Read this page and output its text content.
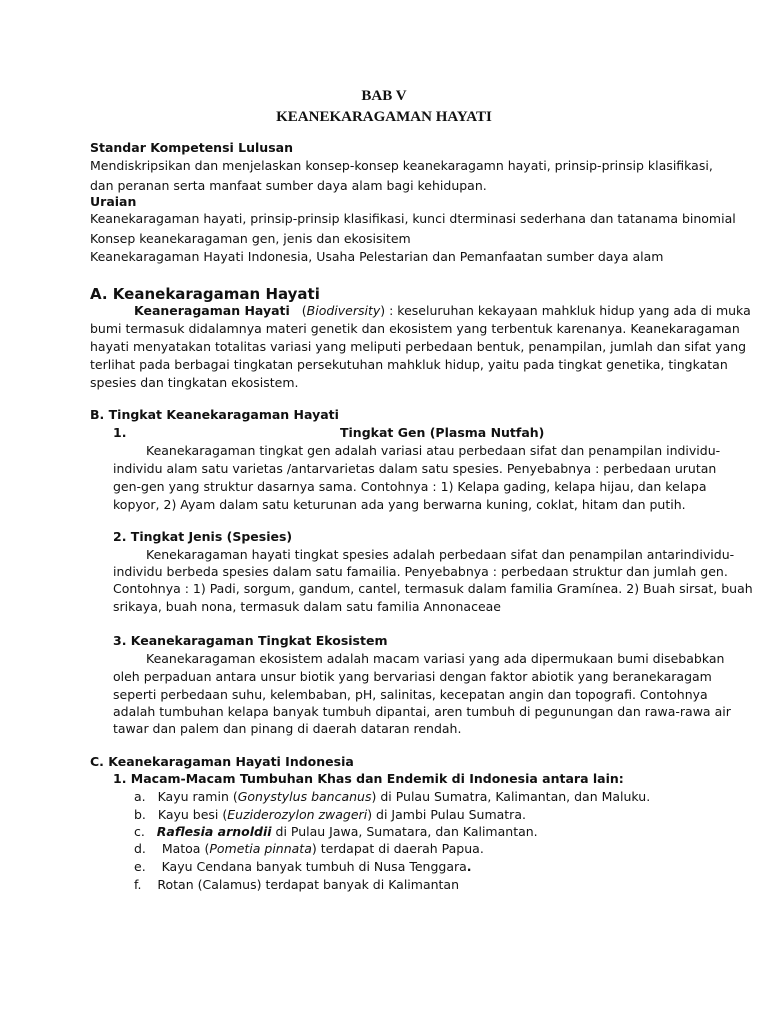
BAB V
KEANEKARAGAMAN HAYATI
Standar Kompetensi Lulusan
Mendiskripsikan dan menjelaskan konsep-konsep keanekaragamn hayati, prinsip-prinsip klasifikasi,
dan peranan serta manfaat sumber daya alam bagi kehidupan.
Uraian
Keanekaragaman hayati, prinsip-prinsip klasifikasi, kunci dterminasi sederhana dan tatanama binomial
Konsep keanekaragaman gen, jenis dan ekosisitem
Keanekaragaman Hayati Indonesia, Usaha Pelestarian dan Pemanfaatan sumber daya alam
A. Keanekaragaman Hayati
Keaneragaman Hayati (Biodiversity) : keseluruhan kekayaan mahkluk hidup yang ada di muka
bumi termasuk didalamnya materi genetik dan ekosistem yang terbentuk karenanya. Keanekaragaman
hayati menyatakan totalitas variasi yang meliputi perbedaan bentuk, penampilan, jumlah dan sifat yang
terlihat pada berbagai tingkatan persekutuhan mahkluk hidup, yaitu pada tingkat genetika, tingkatan
spesies dan tingkatan ekosistem.
B. Tingkat Keanekaragaman Hayati
1.	Tingkat Gen (Plasma Nutfah)
Keanekaragaman tingkat gen adalah variasi atau perbedaan sifat dan penampilan individu-
individu alam satu varietas /antarvarietas dalam satu spesies. Penyebabnya : perbedaan urutan
gen-gen yang struktur dasarnya sama. Contohnya : 1) Kelapa gading, kelapa hijau, dan kelapa
kopyor, 2) Ayam dalam satu keturunan ada yang berwarna kuning, coklat, hitam dan putih.
2. Tingkat Jenis (Spesies)
Kenekaragaman hayati tingkat spesies adalah perbedaan sifat dan penampilan antarindividu-
individu berbeda spesies dalam satu famailia. Penyebabnya : perbedaan struktur dan jumlah gen.
Contohnya : 1) Padi, sorgum, gandum, cantel, termasuk dalam familia Gramínea. 2) Buah sirsat, buah
srikaya, buah nona, termasuk dalam satu familia Annonaceae
3. Keanekaragaman Tingkat Ekosistem
Keanekaragaman ekosistem adalah macam variasi yang ada dipermukaan bumi disebabkan
oleh perpaduan antara unsur biotik yang bervariasi dengan faktor abiotik yang beranekaragam
seperti perbedaan suhu, kelembaban, pH, salinitas, kecepatan angin dan topografi. Contohnya
adalah tumbuhan kelapa banyak tumbuh dipantai, aren tumbuh di pegunungan dan rawa-rawa air
tawar dan palem dan pinang di daerah dataran rendah.
C. Keanekaragaman Hayati Indonesia
1. Macam-Macam Tumbuhan Khas dan Endemik di Indonesia antara lain:
a. Kayu ramin (Gonystylus bancanus) di Pulau Sumatra, Kalimantan, dan Maluku.
b. Kayu besi (Euziderozylon zwageri) di Jambi Pulau Sumatra.
c. Raflesia arnoldii di Pulau Jawa, Sumatara, dan Kalimantan.
d.    Matoa (Pometia pinnata) terdapat di daerah Papua.
e.    Kayu Cendana banyak tumbuh di Nusa Tenggara.
f.    Rotan (Calamus) terdapat banyak di Kalimantan
